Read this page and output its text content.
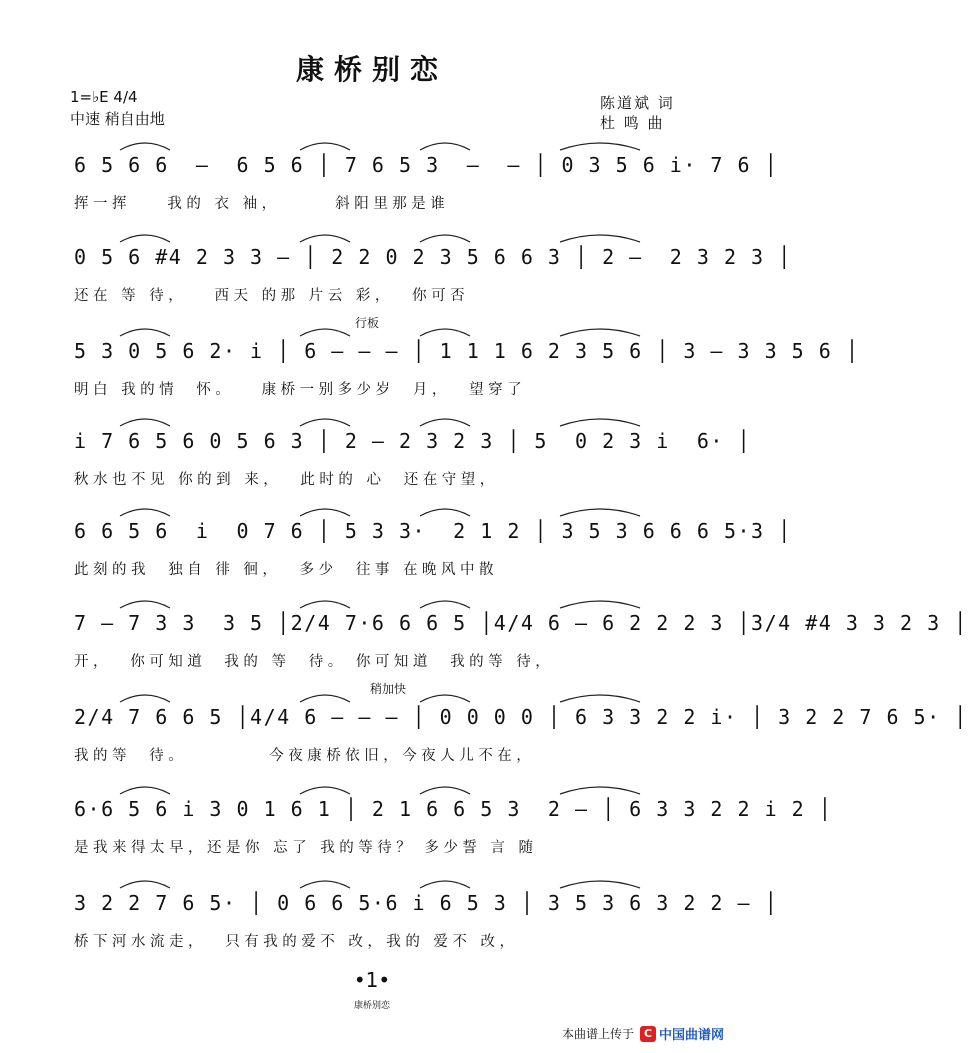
康桥别恋
1=♭E 4/4
中速 稍自由地
陈道斌 词
杜 鸣 曲
6 5 6 6  –  6 5 6 │ 7 6 5 3  –  – │ 0 3 5 6 i· 7 6 │
挥一挥    我的 衣 袖，      斜阳里那是谁
0 5 6 #4 2 3 3 – │ 2 2 0 2 3 5 6 6 3 │ 2 –  2 3 2 3 │
还在 等 待，   西天 的那 片云 彩，  你可否
行板
5 3 0 5 6 2· i │ 6 – – – │ 1 1 1 6 2 3 5 6 │ 3 – 3 3 5 6 │
明白 我的情  怀。   康桥一别多少岁  月，  望穿了
i 7 6 5 6 0 5 6 3 │ 2 – 2 3 2 3 │ 5  0 2 3 i  6· │
秋水也不见 你的到 来，  此时的 心  还在守望，
6 6 5 6  i  0 7 6 │ 5 3 3·  2 1 2 │ 3 5 3 6 6 6 5·3 │
此刻的我  独自 徘 徊，  多少  往事 在晚风中散
7 – 7 3 3  3 5 │2/4 7·6 6 6 5 │4/4 6 – 6 2 2 2 3 │3/4 #4 3 3 2 3 │
开，  你可知道  我的 等  待。 你可知道  我的等 待，
稍加快
2/4 7 6 6 5 │4/4 6 – – – │ 0 0 0 0 │ 6 3 3 2 2 i· │ 3 2 2 7 6 5· │
我的等  待。         今夜康桥依旧，今夜人儿不在，
6·6 5 6 i 3 0 1 6 1 │ 2 1 6 6 5 3  2 – │ 6 3 3 2 2 i 2 │
是我来得太早，还是你 忘了 我的等待？ 多少誓 言 随
3 2 2 7 6 5· │ 0 6 6 5·6 i 6 5 3 │ 3 5 3 6 3 2 2 – │
桥下河水流走，  只有我的爱不 改，我的 爱不 改，
•1•
康桥别恋
本曲谱上传于 C 中国曲谱网
